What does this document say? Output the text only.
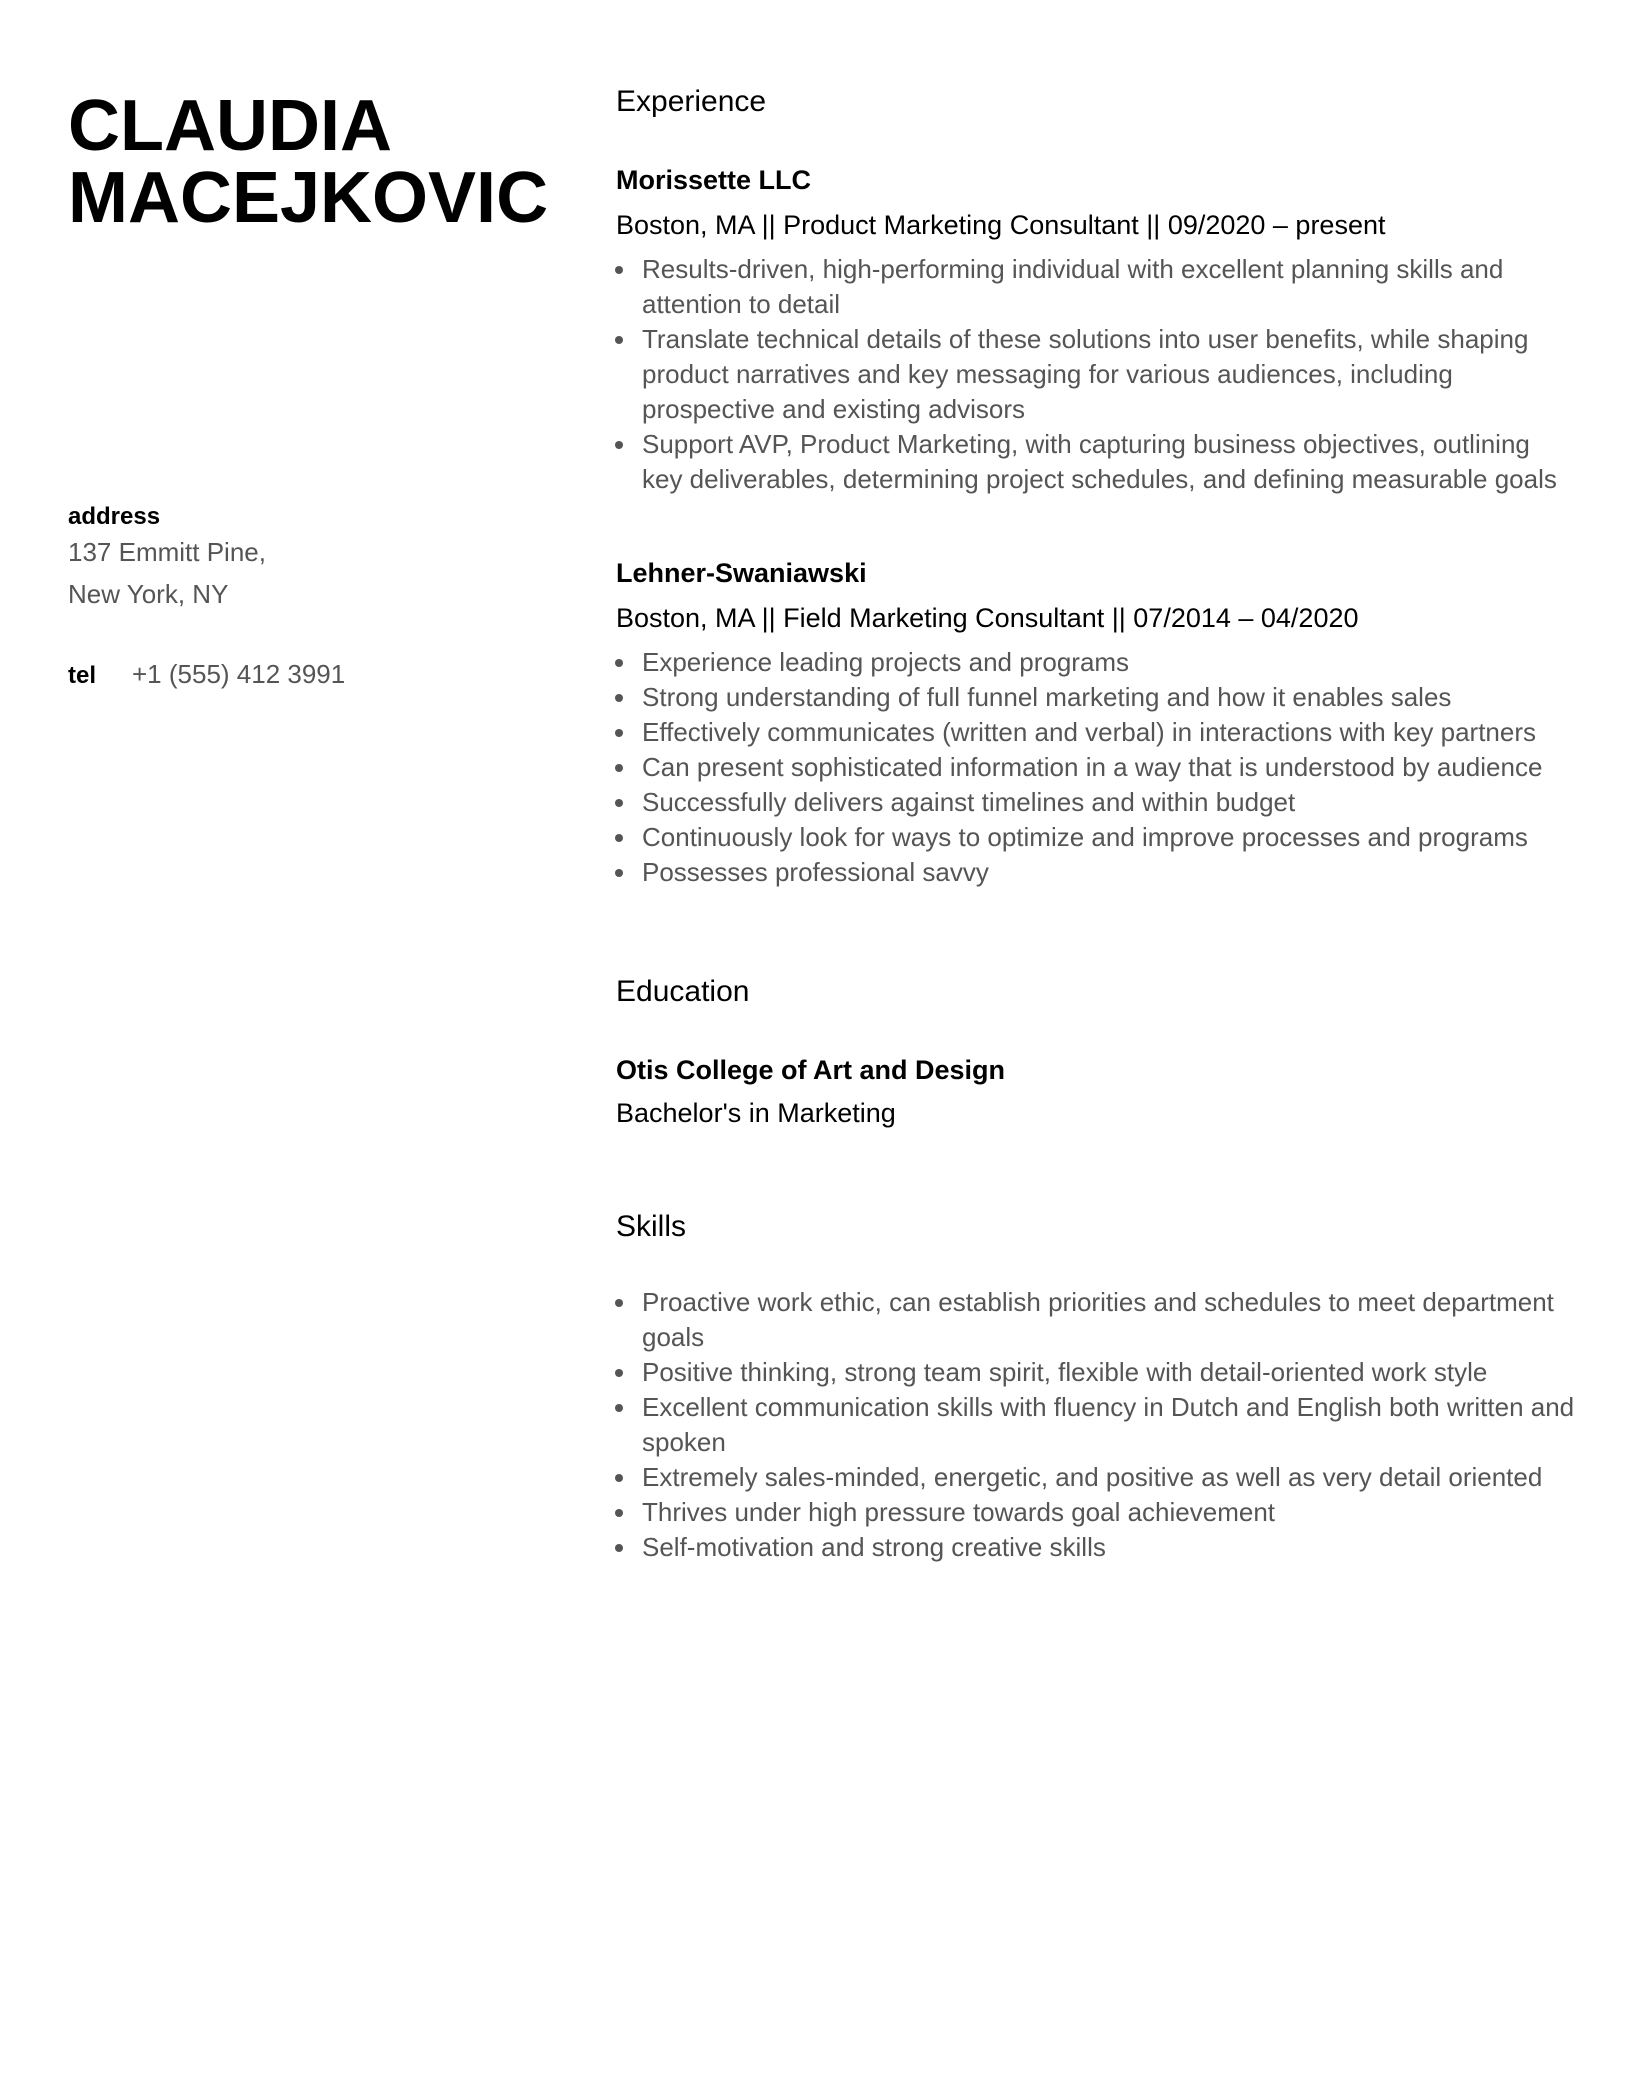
CLAUDIA MACEJKOVIC
address
137 Emmitt Pine,
New York, NY
tel +1 (555) 412 3991
Experience
Morissette LLC
Boston, MA || Product Marketing Consultant || 09/2020 – present
• Results-driven, high-performing individual with excellent planning skills and attention to detail
• Translate technical details of these solutions into user benefits, while shaping product narratives and key messaging for various audiences, including prospective and existing advisors
• Support AVP, Product Marketing, with capturing business objectives, outlining key deliverables, determining project schedules, and defining measurable goals
Lehner-Swaniawski
Boston, MA || Field Marketing Consultant || 07/2014 – 04/2020
• Experience leading projects and programs
• Strong understanding of full funnel marketing and how it enables sales
• Effectively communicates (written and verbal) in interactions with key partners
• Can present sophisticated information in a way that is understood by audience
• Successfully delivers against timelines and within budget
• Continuously look for ways to optimize and improve processes and programs
• Possesses professional savvy
Education
Otis College of Art and Design
Bachelor's in Marketing
Skills
• Proactive work ethic, can establish priorities and schedules to meet department goals
• Positive thinking, strong team spirit, flexible with detail-oriented work style
• Excellent communication skills with fluency in Dutch and English both written and spoken
• Extremely sales-minded, energetic, and positive as well as very detail oriented
• Thrives under high pressure towards goal achievement
• Self-motivation and strong creative skills
